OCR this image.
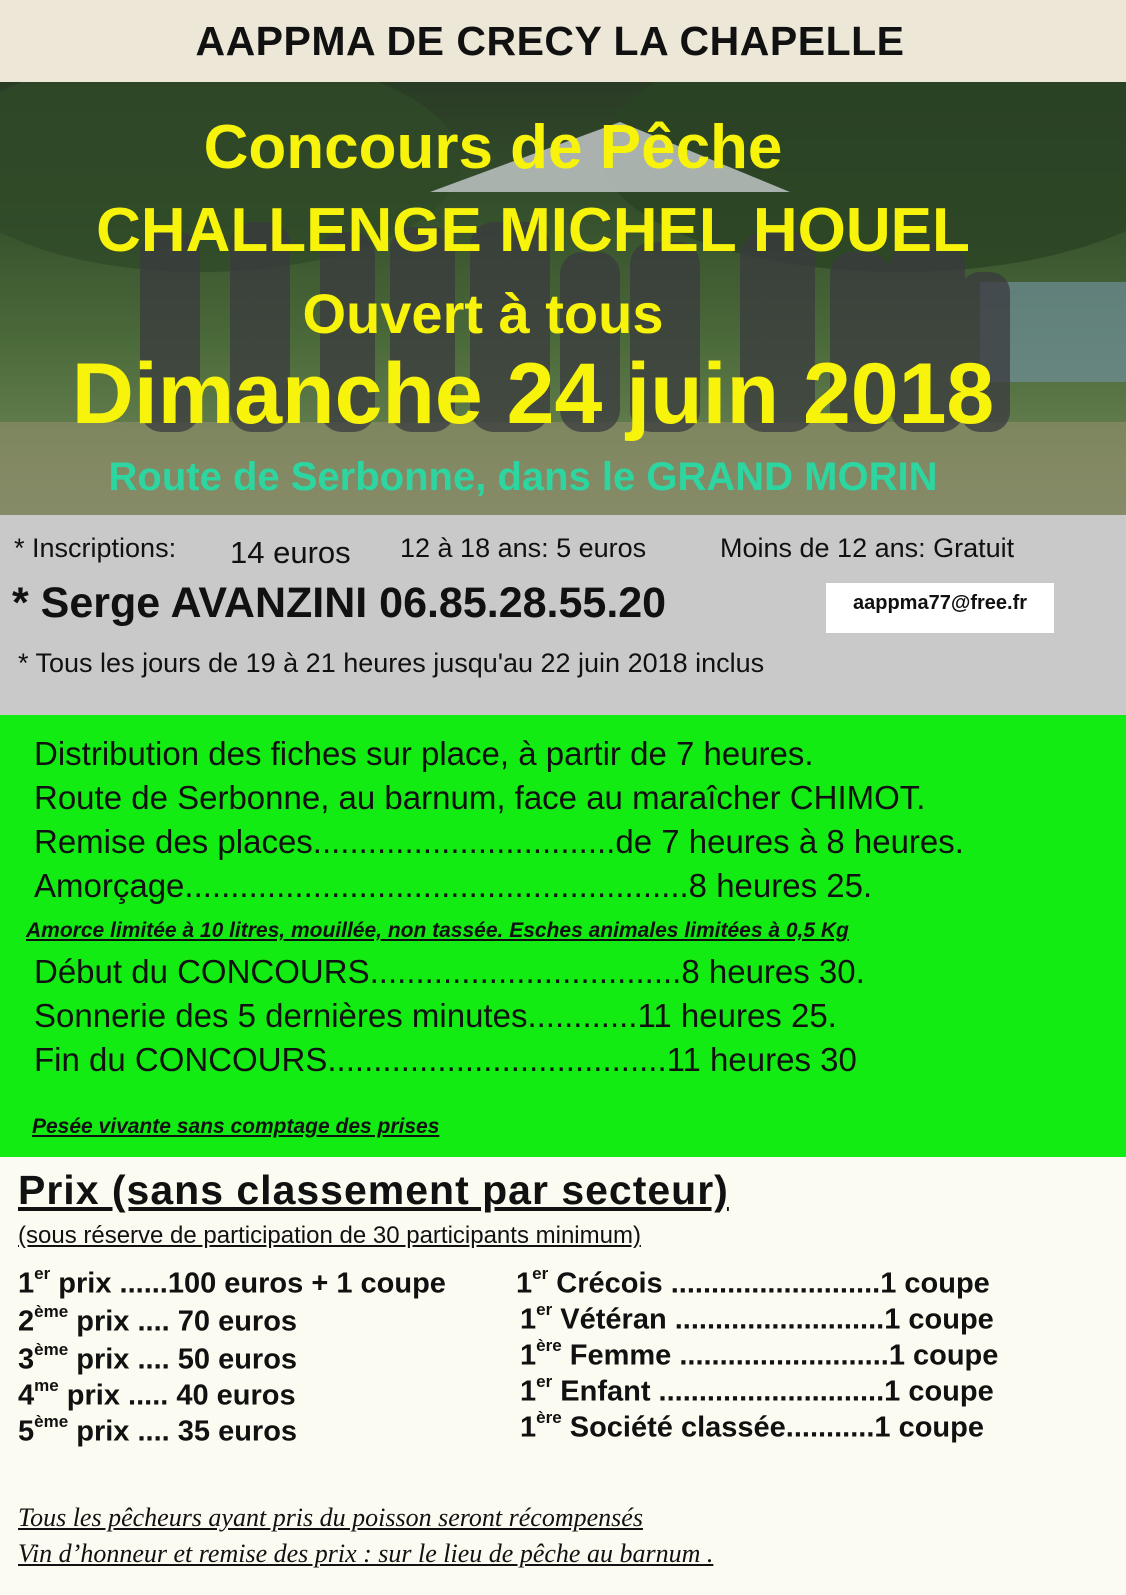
AAPPMA DE CRECY LA CHAPELLE
Concours de Pêche
CHALLENGE MICHEL HOUEL
Ouvert à tous
Dimanche 24 juin 2018
Route de Serbonne, dans le GRAND MORIN
* Inscriptions: 14 euros 12 à 18 ans: 5 euros	Moins de 12 ans: Gratuit
* Serge AVANZINI 06.85.28.55.20	aappma77@free.fr
* Tous les jours de 19 à 21 heures jusqu'au 22 juin 2018 inclus
Distribution des fiches sur place, à partir de 7 heures.
Route de Serbonne, au barnum, face au maraîcher CHIMOT.
Remise des places.................................de 7 heures à 8 heures.
Amorçage.......................................................8 heures 25.
Amorce limitée à 10 litres, mouillée, non tassée. Esches animales limitées à 0,5 Kg
Début du CONCOURS..................................8 heures 30.
Sonnerie des 5 dernières minutes............11 heures 25.
Fin du CONCOURS.....................................11 heures 30
Pesée vivante sans comptage des prises
Prix (sans classement par secteur)
(sous réserve de participation de 30 participants minimum)
1er prix ......100 euros + 1 coupe
2ème prix .... 70 euros
3ème prix .... 50 euros
$4^{me}$ prix ..... 40 euros
5ème prix .... 35 euros
1er Crécois ..........................1 coupe
1er Vétéran ..........................1 coupe
1ère Femme ..........................1 coupe
1er Enfant ............................1 coupe
1ère Société classée...........1 coupe
Tous les pêcheurs ayant pris du poisson seront récompensés
Vin d’honneur et remise des prix : sur le lieu de pêche au barnum .
